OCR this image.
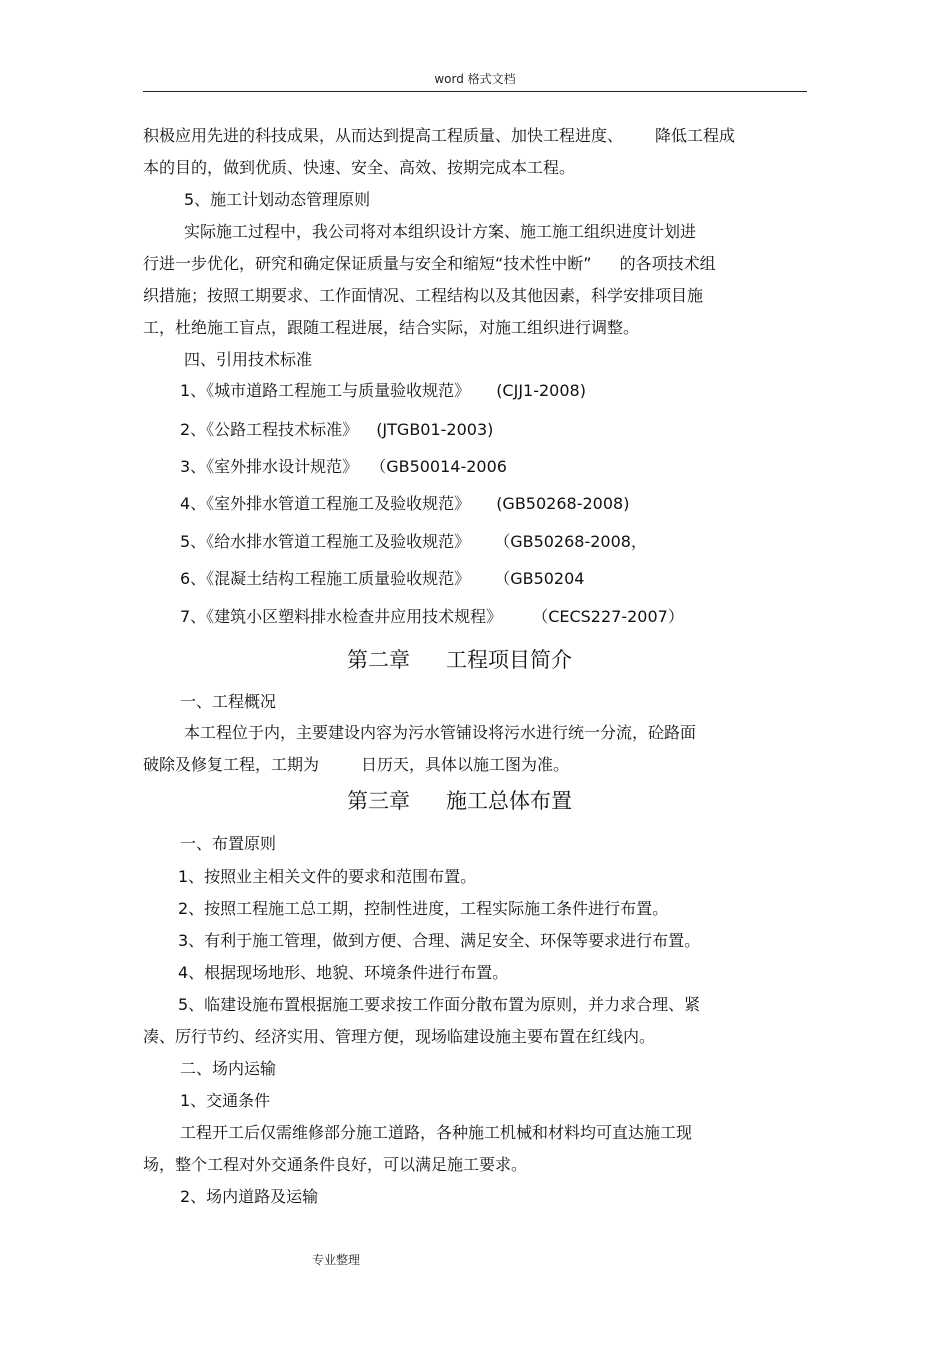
word 格式文档
积极应用先进的科技成果，从而达到提高工程质量、加快工程进度、 降低工程成
本的目的，做到优质、快速、安全、高效、按期完成本工程。
5、施工计划动态管理原则
实际施工过程中，我公司将对本组织设计方案、施工施工组织进度计划进
行进一步优化，研究和确定保证质量与安全和缩短“技术性中断” 的各项技术组
织措施；按照工期要求、工作面情况、工程结构以及其他因素，科学安排项目施
工，杜绝施工盲点，跟随工程进展，结合实际，对施工组织进行调整。
四、引用技术标准
1、《城市道路工程施工与质量验收规范》 (CJJ1-2008)
2、《公路工程技术标准》 (JTGB01-2003)
3、《室外排水设计规范》 （GB50014-2006
4、《室外排水管道工程施工及验收规范》 (GB50268-2008)
5、《给水排水管道工程施工及验收规范》 （GB50268-2008，
6、《混凝土结构工程施工质量验收规范》 （GB50204
7、《建筑小区塑料排水检查井应用技术规程》 （CECS227-2007）
第二章 工程项目简介
一、工程概况
本工程位于内，主要建设内容为污水管铺设将污水进行统一分流，砼路面
破除及修复工程，工期为	日历天，具体以施工图为准。
第三章 施工总体布置
一、布置原则
1、按照业主相关文件的要求和范围布置。
2、按照工程施工总工期，控制性进度，工程实际施工条件进行布置。
3、有利于施工管理，做到方便、合理、满足安全、环保等要求进行布置。
4、根据现场地形、地貌、环境条件进行布置。
5、临建设施布置根据施工要求按工作面分散布置为原则，并力求合理、紧
凑、厉行节约、经济实用、管理方便，现场临建设施主要布置在红线内。
二、场内运输
1、交通条件
工程开工后仅需维修部分施工道路，各种施工机械和材料均可直达施工现
场，整个工程对外交通条件良好，可以满足施工要求。
2、场内道路及运输
专业整理
